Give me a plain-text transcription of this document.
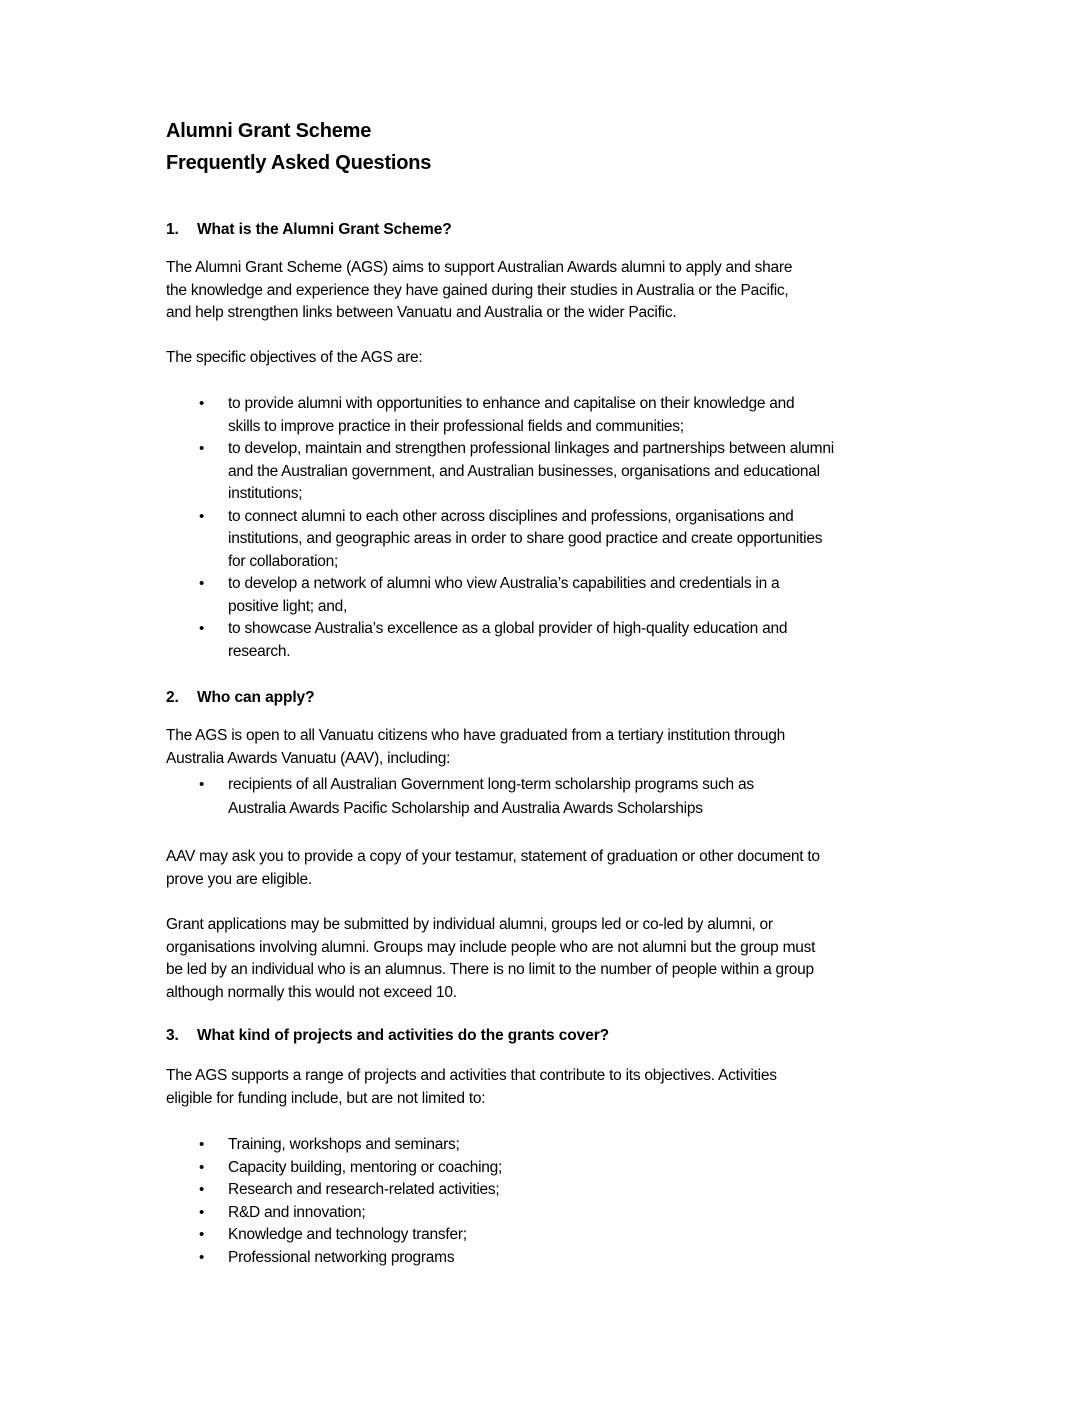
Alumni Grant Scheme
Frequently Asked Questions
1. What is the Alumni Grant Scheme?

The Alumni Grant Scheme (AGS) aims to support Australian Awards alumni to apply and share
the knowledge and experience they have gained during their studies in Australia or the Pacific,
and help strengthen links between Vanuatu and Australia or the wider Pacific.

The specific objectives of the AGS are:

• to provide alumni with opportunities to enhance and capitalise on their knowledge and
skills to improve practice in their professional fields and communities;
• to develop, maintain and strengthen professional linkages and partnerships between alumni
and the Australian government, and Australian businesses, organisations and educational
institutions;
• to connect alumni to each other across disciplines and professions, organisations and
institutions, and geographic areas in order to share good practice and create opportunities
for collaboration;
• to develop a network of alumni who view Australia’s capabilities and credentials in a
positive light; and,
• to showcase Australia’s excellence as a global provider of high-quality education and
research.
2. Who can apply?

The AGS is open to all Vanuatu citizens who have graduated from a tertiary institution through
Australia Awards Vanuatu (AAV), including:

• recipients of all Australian Government long-term scholarship programs such as
Australia Awards Pacific Scholarship and Australia Awards Scholarships

AAV may ask you to provide a copy of your testamur, statement of graduation or other document to
prove you are eligible.

Grant applications may be submitted by individual alumni, groups led or co-led by alumni, or
organisations involving alumni. Groups may include people who are not alumni but the group must
be led by an individual who is an alumnus. There is no limit to the number of people within a group
although normally this would not exceed 10.

3. What kind of projects and activities do the grants cover?

The AGS supports a range of projects and activities that contribute to its objectives. Activities
eligible for funding include, but are not limited to:

• Training, workshops and seminars;
• Capacity building, mentoring or coaching;
• Research and research-related activities;
• R&D and innovation;
• Knowledge and technology transfer;
• Professional networking programs
